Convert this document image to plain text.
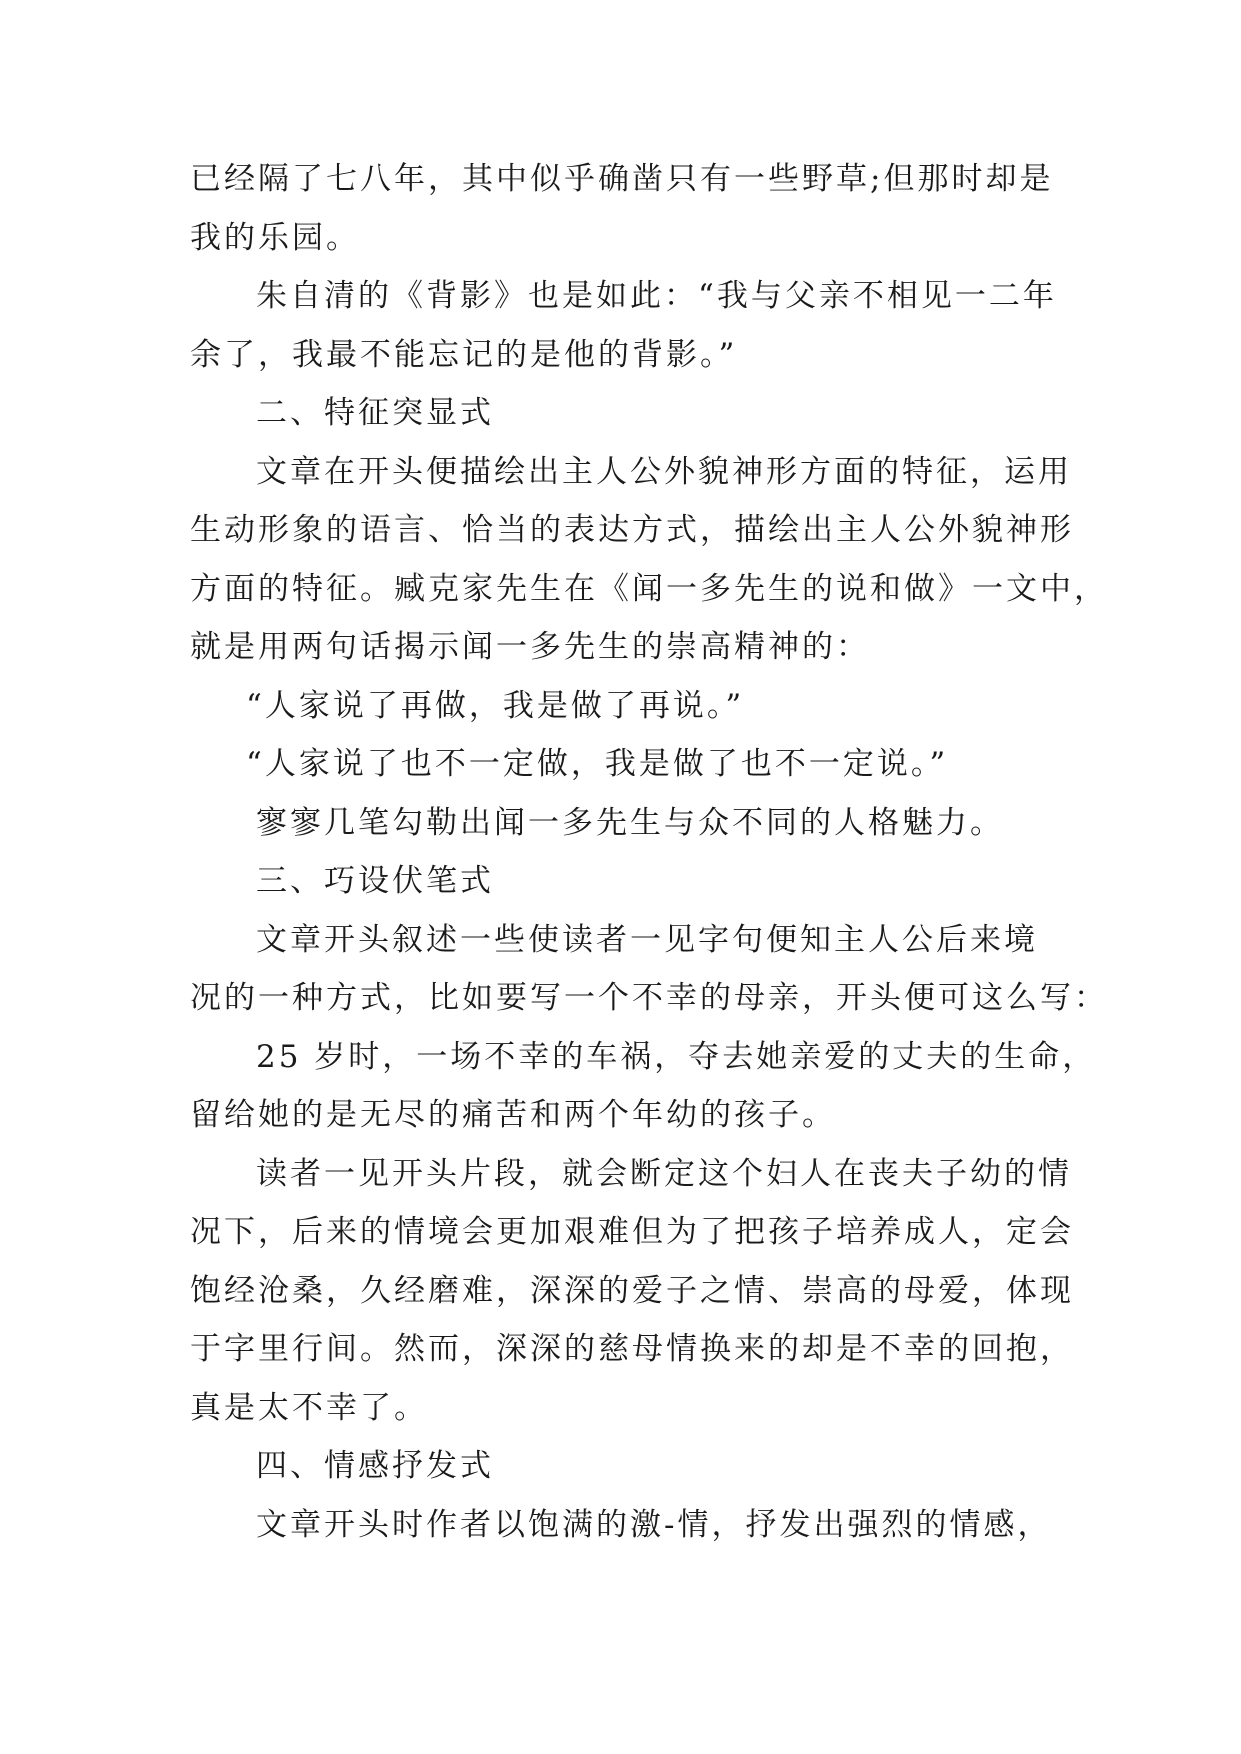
已经隔了七八年，其中似乎确凿只有一些野草;但那时却是
我的乐园。

朱自清的《背影》也是如此：“我与父亲不相见一二年
余了，我最不能忘记的是他的背影。”

二、特征突显式

文章在开头便描绘出主人公外貌神形方面的特征，运用
生动形象的语言、恰当的表达方式，描绘出主人公外貌神形
方面的特征。臧克家先生在《闻一多先生的说和做》一文中，
就是用两句话揭示闻一多先生的崇高精神的：

“人家说了再做，我是做了再说。”

“人家说了也不一定做，我是做了也不一定说。”

寥寥几笔勾勒出闻一多先生与众不同的人格魅力。

三、巧设伏笔式

文章开头叙述一些使读者一见字句便知主人公后来境
况的一种方式，比如要写一个不幸的母亲，开头便可这么写：

25 岁时，一场不幸的车祸，夺去她亲爱的丈夫的生命，
留给她的是无尽的痛苦和两个年幼的孩子。

读者一见开头片段，就会断定这个妇人在丧夫子幼的情
况下，后来的情境会更加艰难但为了把孩子培养成人，定会
饱经沧桑，久经磨难，深深的爱子之情、崇高的母爱，体现
于字里行间。然而，深深的慈母情换来的却是不幸的回抱，
真是太不幸了。

四、情感抒发式

文章开头时作者以饱满的激-情，抒发出强烈的情感，
